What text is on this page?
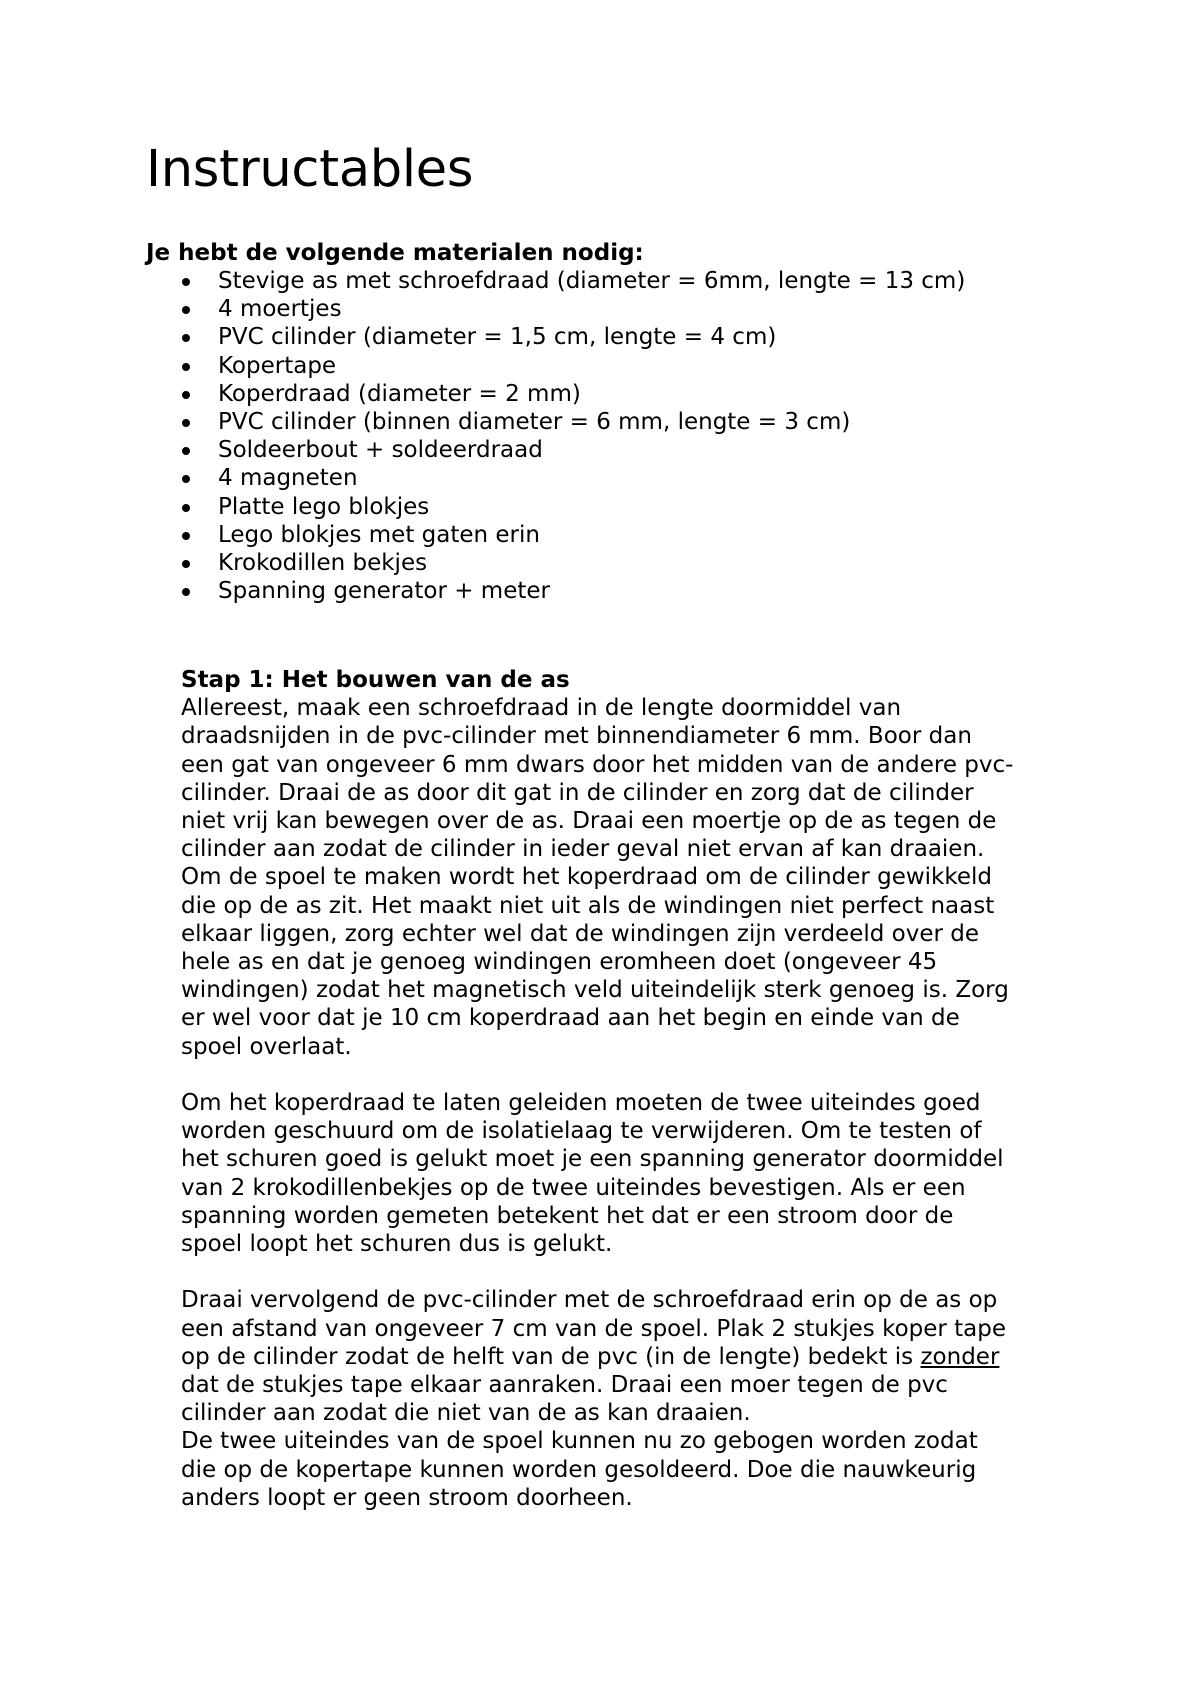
Instructables
Je hebt de volgende materialen nodig:
Stevige as met schroefdraad (diameter = 6mm, lengte = 13 cm)
4 moertjes
PVC cilinder (diameter = 1,5 cm, lengte = 4 cm)
Kopertape
Koperdraad (diameter = 2 mm)
PVC cilinder (binnen diameter = 6 mm, lengte = 3 cm)
Soldeerbout + soldeerdraad
4 magneten
Platte lego blokjes
Lego blokjes met gaten erin
Krokodillen bekjes
Spanning generator + meter
Stap 1: Het bouwen van de as

Allereest, maak een schroefdraad in de lengte doormiddel van
draadsnijden in de pvc-cilinder met binnendiameter 6 mm. Boor dan
een gat van ongeveer 6 mm dwars door het midden van de andere pvc-
cilinder. Draai de as door dit gat in de cilinder en zorg dat de cilinder
niet vrij kan bewegen over de as. Draai een moertje op de as tegen de
cilinder aan zodat de cilinder in ieder geval niet ervan af kan draaien.
Om de spoel te maken wordt het koperdraad om de cilinder gewikkeld
die op de as zit. Het maakt niet uit als de windingen niet perfect naast
elkaar liggen, zorg echter wel dat de windingen zijn verdeeld over de
hele as en dat je genoeg windingen eromheen doet (ongeveer 45
windingen) zodat het magnetisch veld uiteindelijk sterk genoeg is. Zorg
er wel voor dat je 10 cm koperdraad aan het begin en einde van de
spoel overlaat.

Om het koperdraad te laten geleiden moeten de twee uiteindes goed
worden geschuurd om de isolatielaag te verwijderen. Om te testen of
het schuren goed is gelukt moet je een spanning generator doormiddel
van 2 krokodillenbekjes op de twee uiteindes bevestigen. Als er een
spanning worden gemeten betekent het dat er een stroom door de
spoel loopt het schuren dus is gelukt.

Draai vervolgend de pvc-cilinder met de schroefdraad erin op de as op
een afstand van ongeveer 7 cm van de spoel. Plak 2 stukjes koper tape
op de cilinder zodat de helft van de pvc (in de lengte) bedekt is zonder
dat de stukjes tape elkaar aanraken. Draai een moer tegen de pvc
cilinder aan zodat die niet van de as kan draaien.

De twee uiteindes van de spoel kunnen nu zo gebogen worden zodat
die op de kopertape kunnen worden gesoldeerd. Doe die nauwkeurig
anders loopt er geen stroom doorheen.
